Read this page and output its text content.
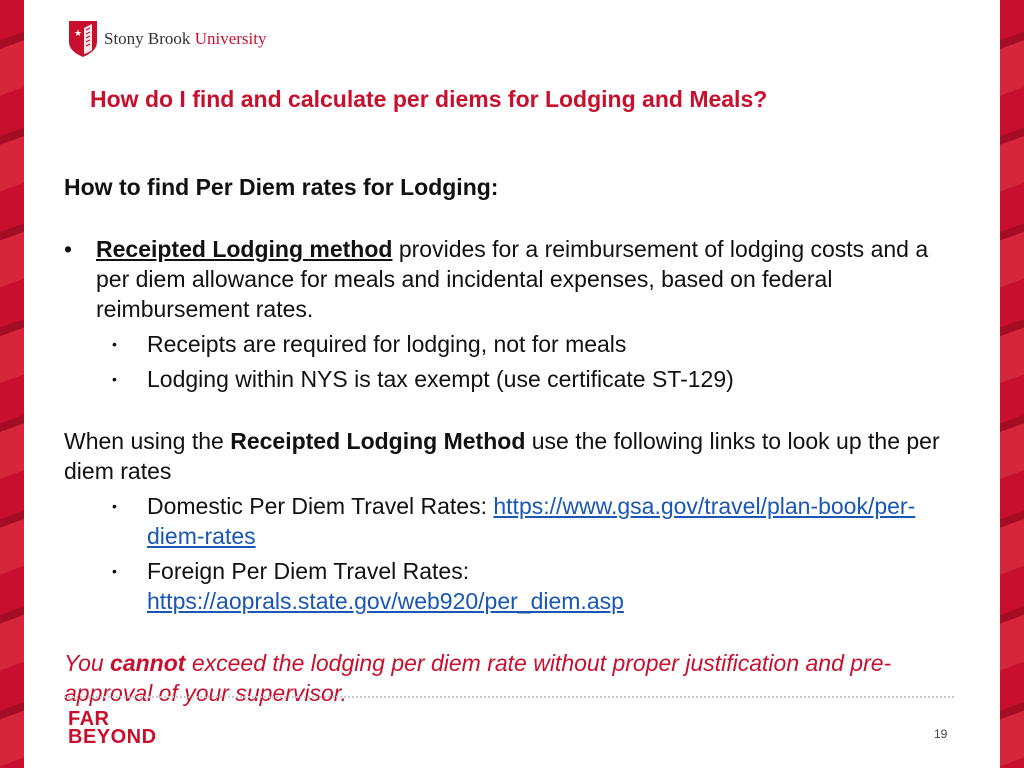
★ Stony Brook University
How do I find and calculate per diems for Lodging and Meals?
How to find Per Diem rates for Lodging:
• Receipted Lodging method provides for a reimbursement of lodging costs and a per diem allowance for meals and incidental expenses, based on federal reimbursement rates.
• Receipts are required for lodging, not for meals
• Lodging within NYS is tax exempt (use certificate ST-129)
When using the Receipted Lodging Method use the following links to look up the per diem rates
• Domestic Per Diem Travel Rates: https://www.gsa.gov/travel/plan-book/per-diem-rates
• Foreign Per Diem Travel Rates:
https://aoprals.state.gov/web920/per_diem.asp
You cannot exceed the lodging per diem rate without proper justification and pre- approval of your supervisor.
FAR
BEYOND	19
